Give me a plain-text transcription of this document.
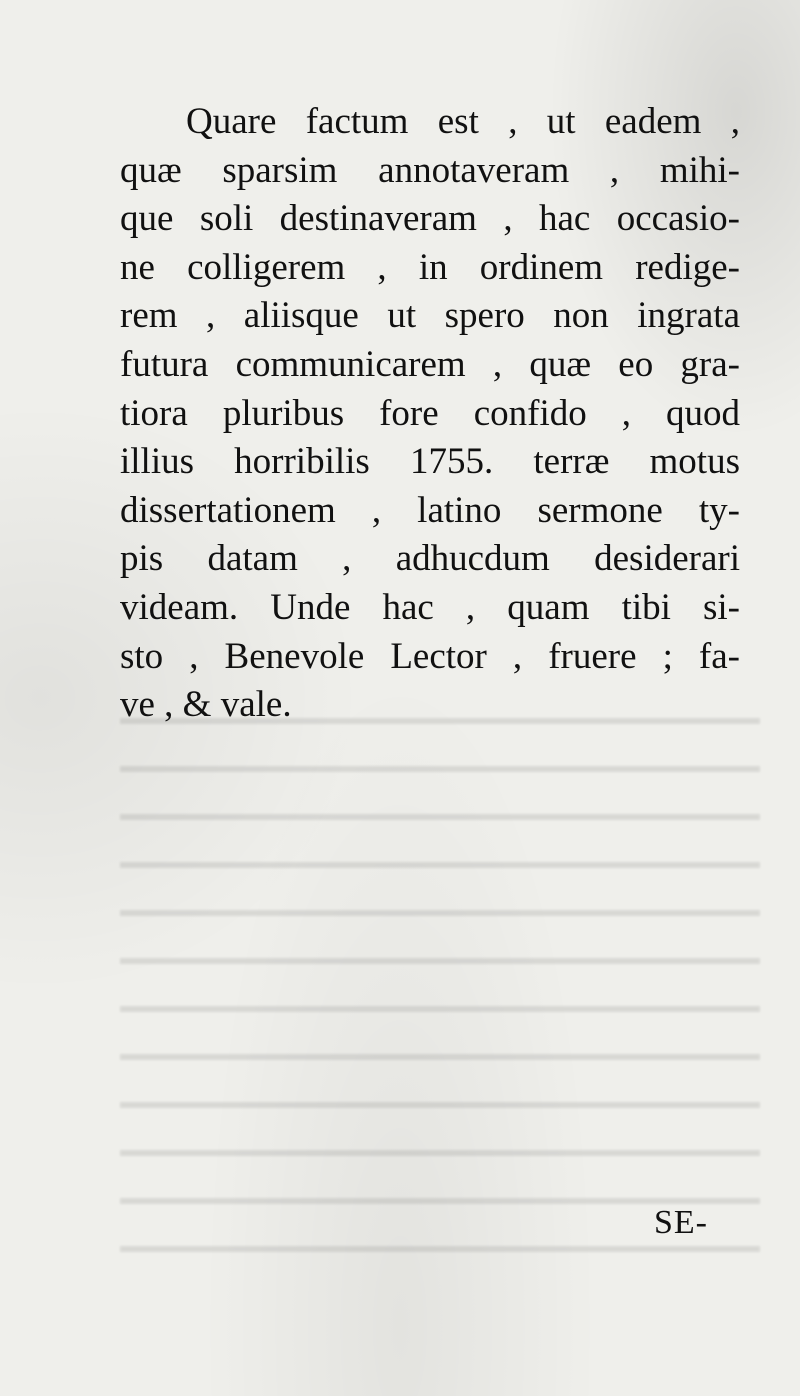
Quare factum est , ut eadem ,
quæ sparsim annotaveram , mihi-
que soli destinaveram , hac occasio-
ne colligerem , in ordinem redige-
rem , aliisque ut spero non ingrata
futura communicarem , quæ eo gra-
tiora pluribus fore confido , quod
illius horribilis 1755. terræ motus
dissertationem , latino sermone ty-
pis datam , adhucdum desiderari
videam. Unde hac , quam tibi si-
sto , Benevole Lector , fruere ; fa-
ve , & vale.
SE-
